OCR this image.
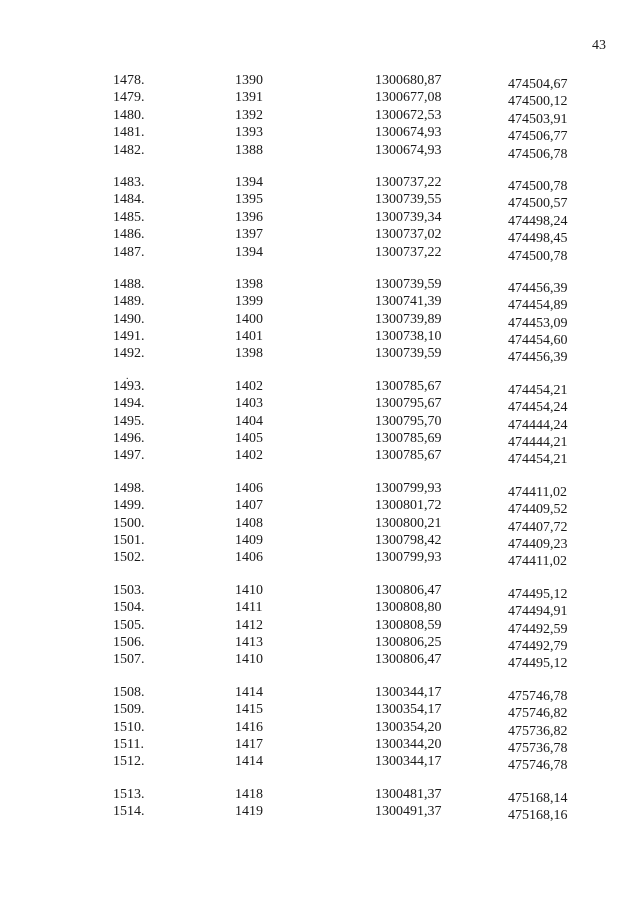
43
.
1478.	1390	1300680,87	474504,67
1479.	1391	1300677,08	474500,12
1480.	1392	1300672,53	474503,91
1481.	1393	1300674,93	474506,77
1482.	1388	1300674,93	474506,78
1483.	1394	1300737,22	474500,78
1484.	1395	1300739,55	474500,57
1485.	1396	1300739,34	474498,24
1486.	1397	1300737,02	474498,45
1487.	1394	1300737,22	474500,78
1488.	1398	1300739,59	474456,39
1489.	1399	1300741,39	474454,89
1490.	1400	1300739,89	474453,09
1491.	1401	1300738,10	474454,60
1492.	1398	1300739,59	474456,39
1493.	1402	1300785,67	474454,21
1494.	1403	1300795,67	474454,24
1495.	1404	1300795,70	474444,24
1496.	1405	1300785,69	474444,21
1497.	1402	1300785,67	474454,21
1498.	1406	1300799,93	474411,02
1499.	1407	1300801,72	474409,52
1500.	1408	1300800,21	474407,72
1501.	1409	1300798,42	474409,23
1502.	1406	1300799,93	474411,02
1503.	1410	1300806,47	474495,12
1504.	1411	1300808,80	474494,91
1505.	1412	1300808,59	474492,59
1506.	1413	1300806,25	474492,79
1507.	1410	1300806,47	474495,12
1508.	1414	1300344,17	475746,78
1509.	1415	1300354,17	475746,82
1510.	1416	1300354,20	475736,82
1511.	1417	1300344,20	475736,78
1512.	1414	1300344,17	475746,78
1513.	1418	1300481,37	475168,14
1514.	1419	1300491,37	475168,16
